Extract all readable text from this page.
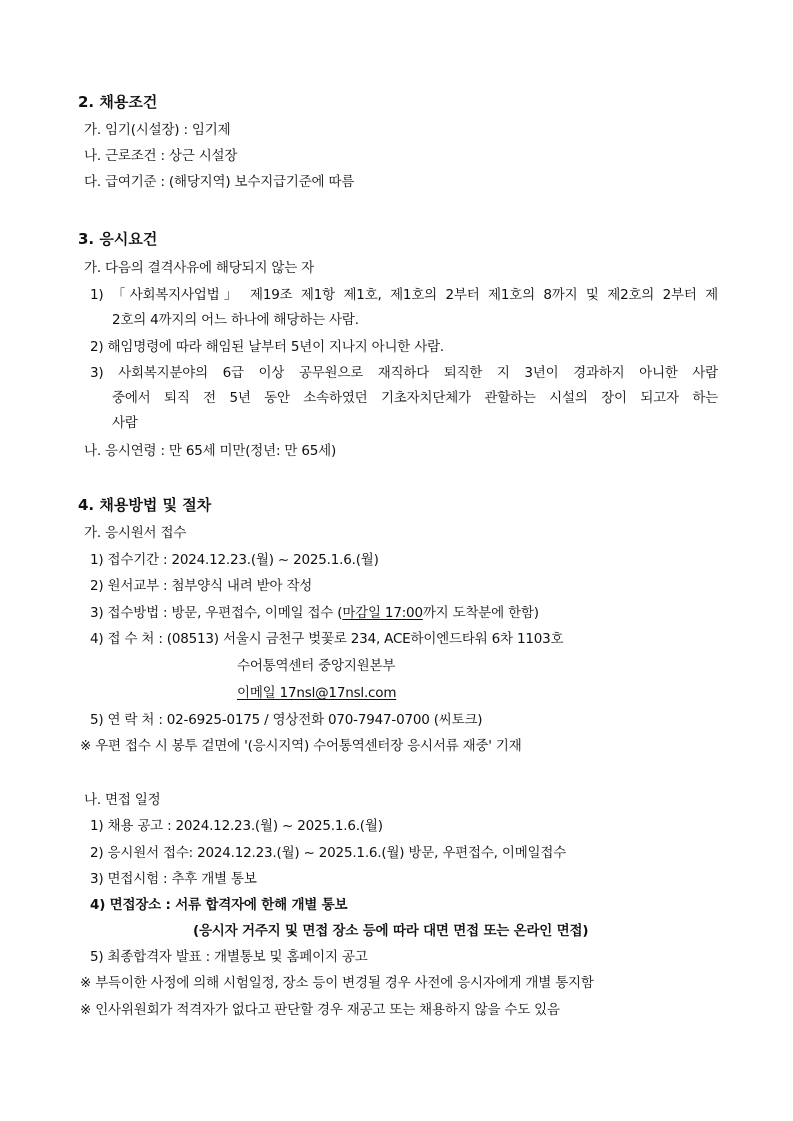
2. 채용조건
가. 임기(시설장) : 임기제
나. 근로조건 : 상근 시설장
다. 급여기준 : (해당지역) 보수지급기준에 따름
3. 응시요건
가. 다음의 결격사유에 해당되지 않는 자
1) 「사회복지사업법」 제19조 제1항 제1호, 제1호의 2부터 제1호의 8까지 및 제2호의 2부터 제
2호의 4까지의 어느 하나에 해당하는 사람.
2) 해임명령에 따라 해임된 날부터 5년이 지나지 아니한 사람.
3) 사회복지분야의 6급 이상 공무원으로 재직하다 퇴직한 지 3년이 경과하지 아니한 사람
중에서 퇴직 전 5년 동안 소속하였던 기초자치단체가 관할하는 시설의 장이 되고자 하는
사람
나. 응시연령 : 만 65세 미만(정년: 만 65세)
4. 채용방법 및 절차
가. 응시원서 접수
1) 접수기간 : 2024.12.23.(월) ~ 2025.1.6.(월)
2) 원서교부 : 첨부양식 내려 받아 작성
3) 접수방법 : 방문, 우편접수, 이메일 접수 (마감일 17:00까지 도착분에 한함)
4) 접 수 처 : (08513) 서울시 금천구 벚꽃로 234, ACE하이엔드타워 6차 1103호
수어통역센터 중앙지원본부
이메일 17nsl@17nsl.com
5) 연 락 처 : 02-6925-0175 / 영상전화 070-7947-0700 (씨토크)
※ 우편 접수 시 봉투 겉면에 '(응시지역) 수어통역센터장 응시서류 재중' 기재
나. 면접 일정
1) 채용 공고 : 2024.12.23.(월) ~ 2025.1.6.(월)
2) 응시원서 접수: 2024.12.23.(월) ~ 2025.1.6.(월) 방문, 우편접수, 이메일접수
3) 면접시험 : 추후 개별 통보
4) 면접장소 : 서류 합격자에 한해 개별 통보
(응시자 거주지 및 면접 장소 등에 따라 대면 면접 또는 온라인 면접)
5) 최종합격자 발표 : 개별통보 및 홈페이지 공고
※ 부득이한 사정에 의해 시험일정, 장소 등이 변경될 경우 사전에 응시자에게 개별 통지함
※ 인사위원회가 적격자가 없다고 판단할 경우 재공고 또는 채용하지 않을 수도 있음
